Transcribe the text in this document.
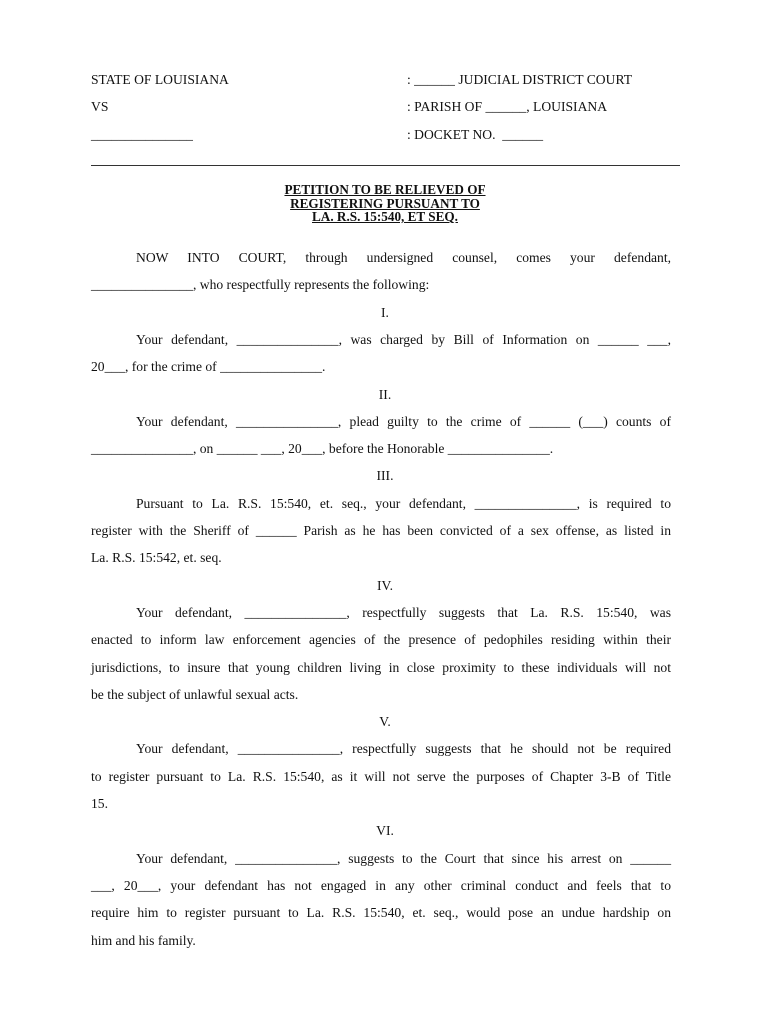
STATE OF LOUISIANA	: ______ JUDICIAL DISTRICT COURT
VS	: PARISH OF ______, LOUISIANA
_______________	: DOCKET NO.  ______
PETITION TO BE RELIEVED OF
REGISTERING PURSUANT TO
LA. R.S. 15:540, ET SEQ.
NOW INTO COURT, through undersigned counsel, comes your defendant,
_______________, who respectfully represents the following:
I.
Your defendant, _______________, was charged by Bill of Information on ______ ___,
20___, for the crime of _______________.
II.
Your defendant, _______________, plead guilty to the crime of ______ (___) counts of
_______________, on ______ ___, 20___, before the Honorable _______________.
III.
Pursuant to La. R.S. 15:540, et. seq., your defendant, _______________, is required to
register with the Sheriff of ______ Parish as he has been convicted of a sex offense, as listed in
La. R.S. 15:542, et. seq.
IV.
Your defendant, _______________, respectfully suggests that La. R.S. 15:540, was
enacted to inform law enforcement agencies of the presence of pedophiles residing within their
jurisdictions, to insure that young children living in close proximity to these individuals will not
be the subject of unlawful sexual acts.
V.
Your defendant, _______________, respectfully suggests that he should not be required
to register pursuant to La. R.S. 15:540, as it will not serve the purposes of Chapter 3-B of Title
15.
VI.
Your defendant, _______________, suggests to the Court that since his arrest on ______
___, 20___, your defendant has not engaged in any other criminal conduct and feels that to
require him to register pursuant to La. R.S. 15:540, et. seq., would pose an undue hardship on
him and his family.
